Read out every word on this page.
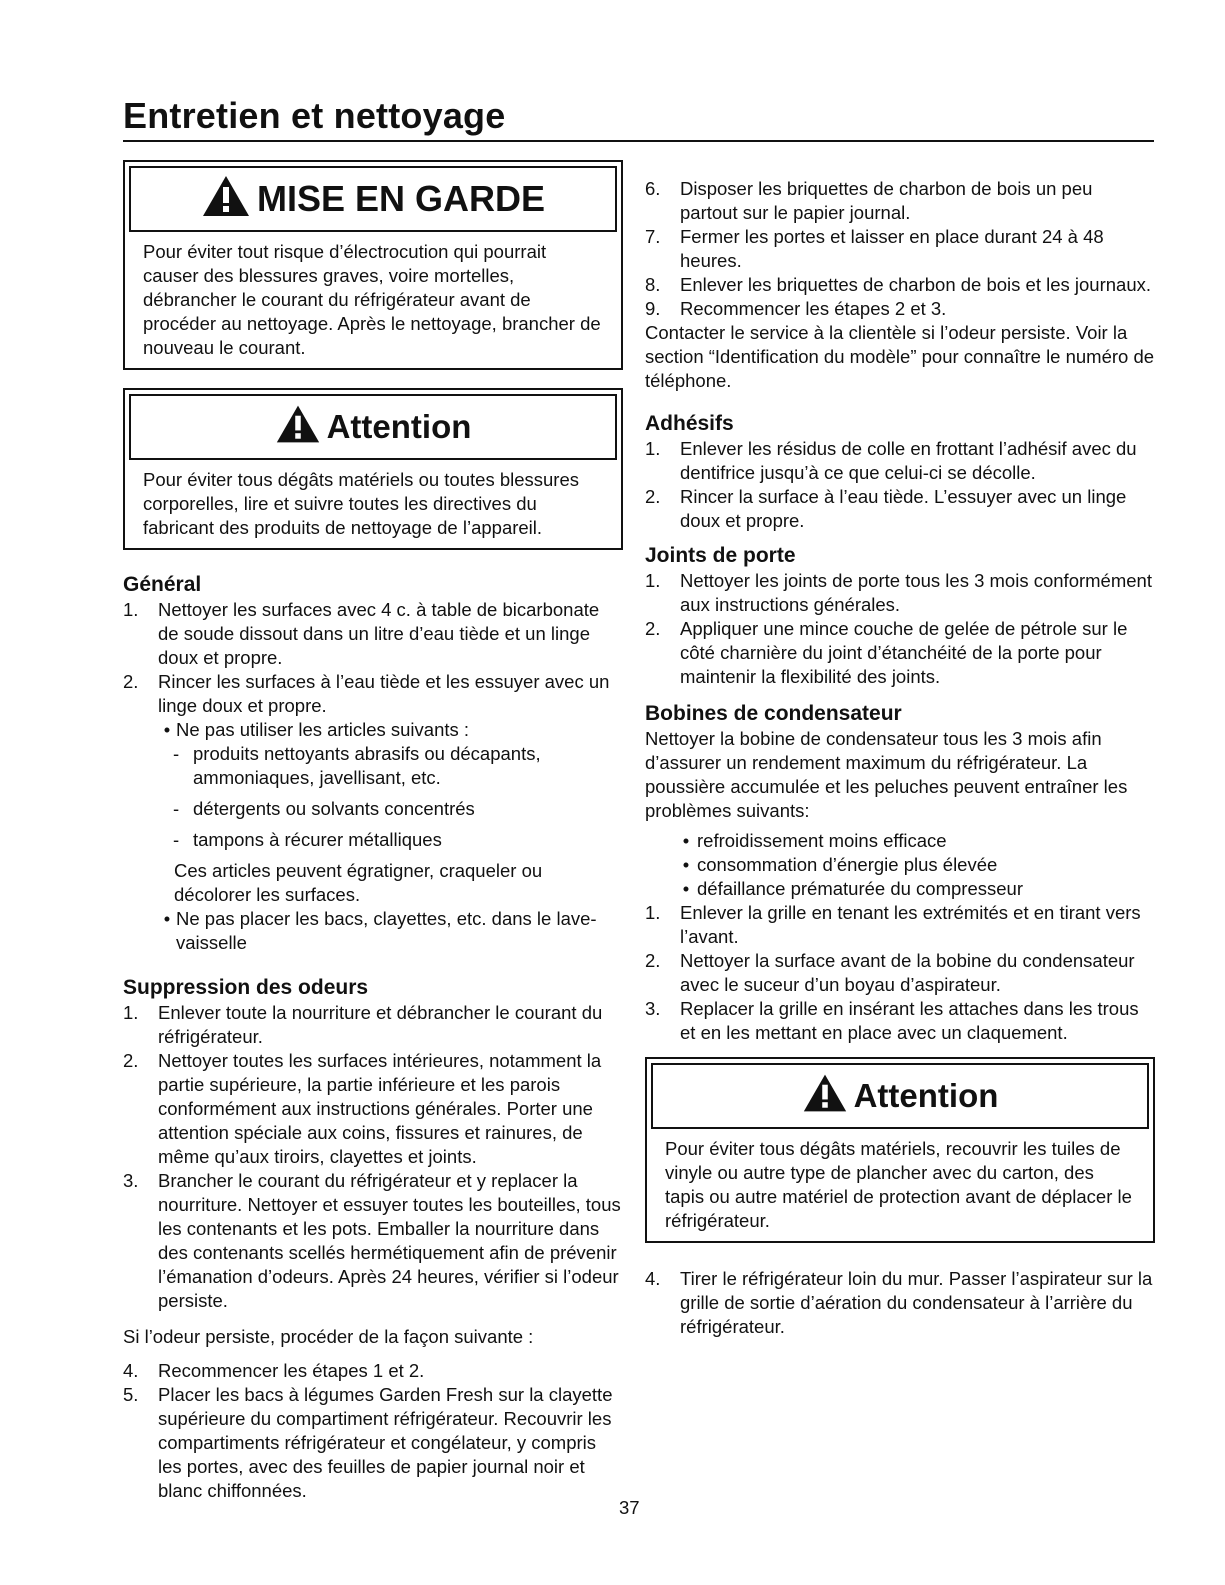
Entretien et nettoyage
MISE EN GARDE
Pour éviter tout risque d’électrocution qui pourrait causer des blessures graves, voire mortelles, débrancher le courant du réfrigérateur avant de procéder au nettoyage. Après le nettoyage, brancher de nouveau le courant.
Attention
Pour éviter tous dégâts matériels ou toutes blessures corporelles, lire et suivre toutes les directives du fabricant des produits de nettoyage de l’appareil.
Général
1.	Nettoyer les surfaces avec 4 c. à table de bicarbonate de soude dissout dans un litre d’eau tiède et un linge doux et propre.
2.	Rincer les surfaces à l’eau tiède et les essuyer avec un linge doux et propre.
• Ne pas utiliser les articles suivants :
- produits nettoyants abrasifs ou décapants, ammoniaques, javellisant, etc.
- détergents ou solvants concentrés
- tampons à récurer métalliques
Ces articles peuvent égratigner, craqueler ou décolorer les surfaces.
• Ne pas placer les bacs, clayettes, etc. dans le lave-vaisselle
Suppression des odeurs
1.	Enlever toute la nourriture et débrancher le courant du réfrigérateur.
2.	Nettoyer toutes les surfaces intérieures, notamment la partie supérieure, la partie inférieure et les parois conformément aux instructions générales. Porter une attention spéciale aux coins, fissures et rainures, de même qu’aux tiroirs, clayettes et joints.
3.	Brancher le courant du réfrigérateur et y replacer la nourriture. Nettoyer et essuyer toutes les bouteilles, tous les contenants et les pots. Emballer la nourriture dans des contenants scellés hermétiquement afin de prévenir l’émanation d’odeurs. Après 24 heures, vérifier si l’odeur persiste.

Si l’odeur persiste, procéder de la façon suivante :

4.	Recommencer les étapes 1 et 2.
5.	Placer les bacs à légumes Garden Fresh sur la clayette supérieure du compartiment réfrigérateur. Recouvrir les compartiments réfrigérateur et congélateur, y compris les portes, avec des feuilles de papier journal noir et blanc chiffonnées.
6.	Disposer les briquettes de charbon de bois un peu partout sur le papier journal.
7.	Fermer les portes et laisser en place durant 24 à 48 heures.
8.	Enlever les briquettes de charbon de bois et les journaux.
9.	Recommencer les étapes 2 et 3.

Contacter le service à la clientèle si l’odeur persiste. Voir la section “Identification du modèle” pour connaître le numéro de téléphone.

Adhésifs
1.	Enlever les résidus de colle en frottant l’adhésif avec du dentifrice jusqu’à ce que celui-ci se décolle.
2.	Rincer la surface à l’eau tiède. L’essuyer avec un linge doux et propre.
Joints de porte
1.	Nettoyer les joints de porte tous les 3 mois conformément aux instructions générales.
2.	Appliquer une mince couche de gelée de pétrole sur le côté charnière du joint d’étanchéité de la porte pour maintenir la flexibilité des joints.
Bobines de condensateur

Nettoyer la bobine de condensateur tous les 3 mois afin d’assurer un rendement maximum du réfrigérateur. La poussière accumulée et les peluches peuvent entraîner les problèmes suivants:

• refroidissement moins efficace
• consommation d’énergie plus élevée
• défaillance prématurée du compresseur
1.	Enlever la grille en tenant les extrémités et en tirant vers l’avant.
2.	Nettoyer la surface avant de la bobine du condensateur avec le suceur d’un boyau d’aspirateur.
3.	Replacer la grille en insérant les attaches dans les trous et en les mettant en place avec un claquement.
Attention
Pour éviter tous dégâts matériels, recouvrir les tuiles de vinyle ou autre type de plancher avec du carton, des tapis ou autre matériel de protection avant de déplacer le réfrigérateur.
4.	Tirer le réfrigérateur loin du mur. Passer l’aspirateur sur la grille de sortie d’aération du condensateur à l’arrière du réfrigérateur.
37
